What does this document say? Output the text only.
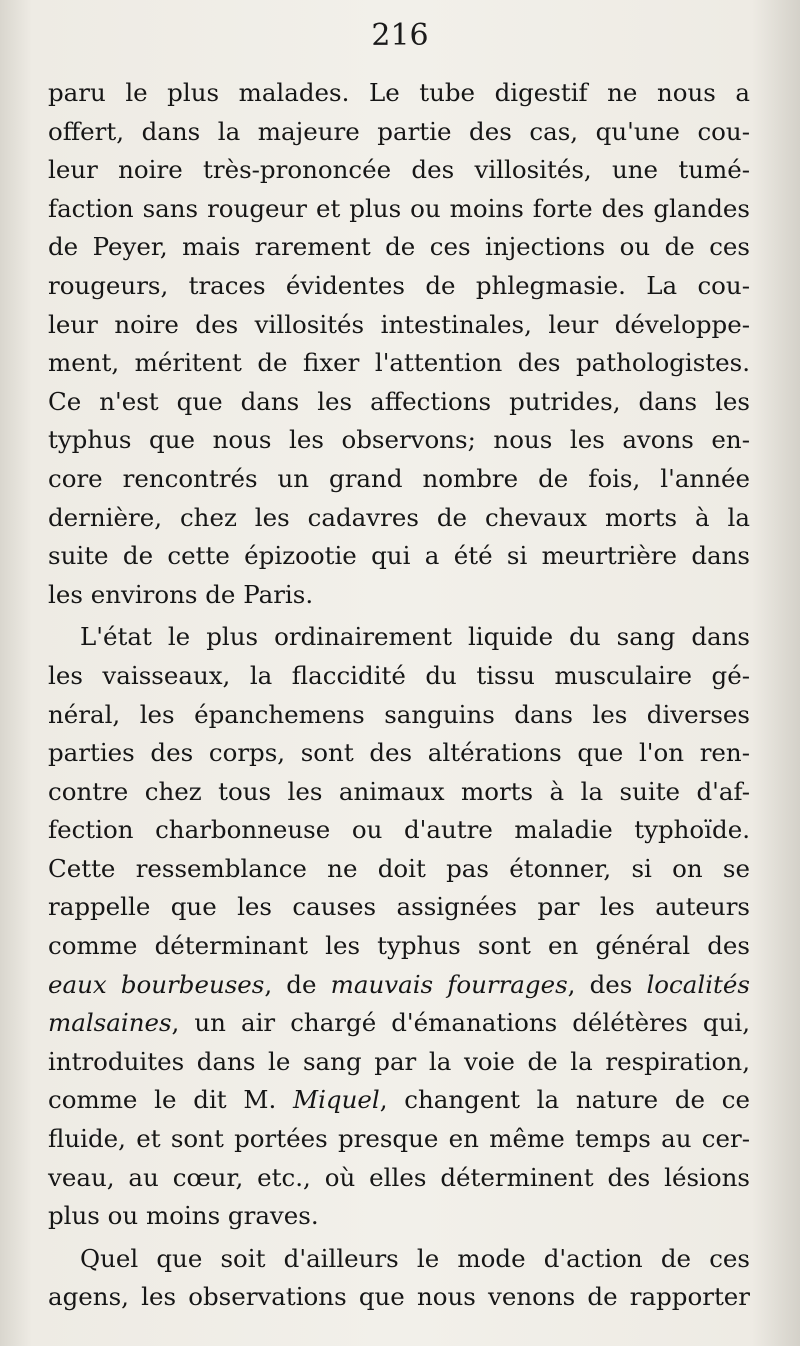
216
paru le plus malades. Le tube digestif ne nous a
offert, dans la majeure partie des cas, qu'une cou-
leur noire très-prononcée des villosités, une tumé-
faction sans rougeur et plus ou moins forte des glandes
de Peyer, mais rarement de ces injections ou de ces
rougeurs, traces évidentes de phlegmasie. La cou-
leur noire des villosités intestinales, leur développe-
ment, méritent de fixer l'attention des pathologistes.
Ce n'est que dans les affections putrides, dans les
typhus que nous les observons; nous les avons en-
core rencontrés un grand nombre de fois, l'année
dernière, chez les cadavres de chevaux morts à la
suite de cette épizootie qui a été si meurtrière dans
les environs de Paris.
L'état le plus ordinairement liquide du sang dans
les vaisseaux, la flaccidité du tissu musculaire gé-
néral, les épanchemens sanguins dans les diverses
parties des corps, sont des altérations que l'on ren-
contre chez tous les animaux morts à la suite d'af-
fection charbonneuse ou d'autre maladie typhoïde.
Cette ressemblance ne doit pas étonner, si on se
rappelle que les causes assignées par les auteurs
comme déterminant les typhus sont en général des
eaux bourbeuses, de mauvais fourrages, des localités
malsaines, un air chargé d'émanations délétères qui,
introduites dans le sang par la voie de la respiration,
comme le dit M. Miquel, changent la nature de ce
fluide, et sont portées presque en même temps au cer-
veau, au cœur, etc., où elles déterminent des lésions
plus ou moins graves.
Quel que soit d'ailleurs le mode d'action de ces
agens, les observations que nous venons de rapporter
